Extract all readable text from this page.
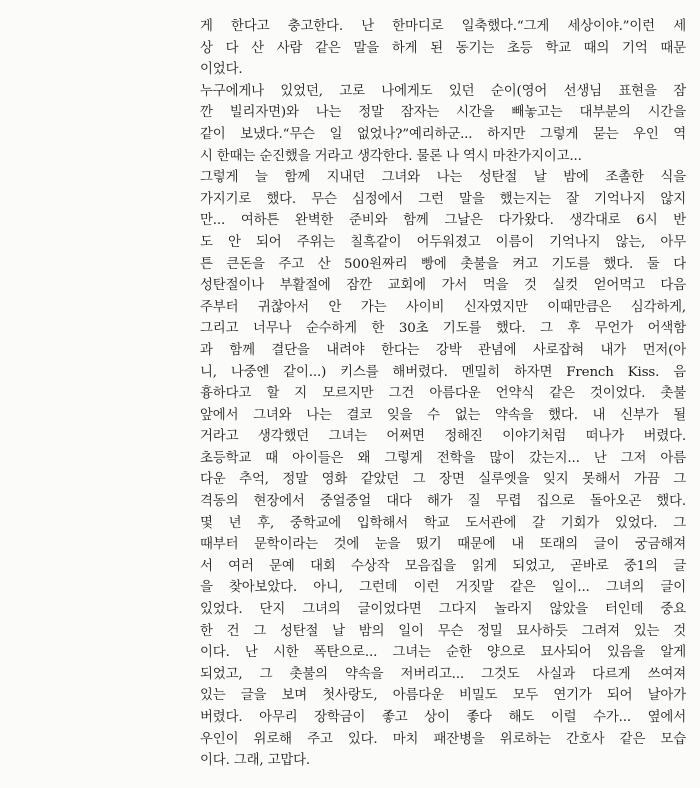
게 한다고 충고한다. 난 한마디로 일축했다.“그게 세상이야.”이런 세
상 다 산 사람 같은 말을 하게 된 동기는 초등 학교 때의 기억 때문
이었다.
누구에게나 있었던, 고로 나에게도 있던 순이(영어 선생님 표현을 잠
깐 빌리자면)와 나는 정말 잠자는 시간을 빼놓고는 대부분의 시간을
같이 보냈다.“무슨 일 없었나?”예리하군... 하지만 그렇게 묻는 우인 역
시 한때는 순진했을 거라고 생각한다. 물론 나 역시 마찬가지이고...
그렇게 늘 함께 지내던 그녀와 나는 성탄절 날 밤에 조촐한 식을
가지기로 했다. 무슨 심정에서 그런 말을 했는지는 잘 기억나지 않지
만... 여하튼 완벽한 준비와 함께 그날은 다가왔다. 생각대로 6시 반
도 안 되어 주위는 칠흑같이 어두워졌고 이름이 기억나지 않는, 아무
튼 큰돈을 주고 산 500원짜리 빵에 촛불을 켜고 기도를 했다. 둘 다
성탄절이나 부활절에 잠깐 교회에 가서 먹을 것 실컷 얻어먹고 다음
주부터 귀찮아서 안 가는 사이비 신자였지만 이때만큼은 심각하게,
그리고 너무나 순수하게 한 30초 기도를 했다. 그 후 무언가 어색함
과 함께 결단을 내려야 한다는 강박 관념에 사로잡혀 내가 먼저(아
니, 나중엔 같이...) 키스를 해버렸다. 멘밀히 하자면 French Kiss. 음
흉하다고 할 지 모르지만 그건 아름다운 언약식 같은 것이었다. 촛불
앞에서 그녀와 나는 결코 잊을 수 없는 약속을 했다. 내 신부가 될
거라고 생각했던 그녀는 어쩌면 정해진 이야기처럼 떠나가 버렸다.
초등학교 때 아이들은 왜 그렇게 전학을 많이 갔는지... 난 그저 아름
다운 추억, 정말 영화 같았던 그 장면 실루엣을 잊지 못해서 가끔 그
격동의 현장에서 중얼중얼 대다 해가 질 무렵 집으로 돌아오곤 했다.
몇 년 후, 중학교에 입학해서 학교 도서관에 갈 기회가 있었다. 그
때부터 문학이라는 것에 눈을 떴기 때문에 내 또래의 글이 궁금해져
서 여러 문예 대회 수상작 모음집을 읽게 되었고, 곧바로 중1의 글
을 찾아보았다. 아니, 그런데 이런 거짓말 같은 일이... 그녀의 글이
있었다. 단지 그녀의 글이었다면 그다지 놀라지 않았을 터인데 중요
한 건 그 성탄절 날 밤의 일이 무슨 정밀 묘사하듯 그려져 있는 것
이다. 난 시한 폭탄으로... 그녀는 순한 양으로 묘사되어 있음을 알게
되었고, 그 촛불의 약속을 저버리고... 그것도 사실과 다르게 쓰여져
있는 글을 보며 첫사랑도, 아름다운 비밀도 모두 연기가 되어 날아가
버렸다. 아무리 장학금이 좋고 상이 좋다 해도 이럴 수가... 옆에서
우인이 위로해 주고 있다. 마치 패잔병을 위로하는 간호사 같은 모습
이다. 그래, 고맙다.
